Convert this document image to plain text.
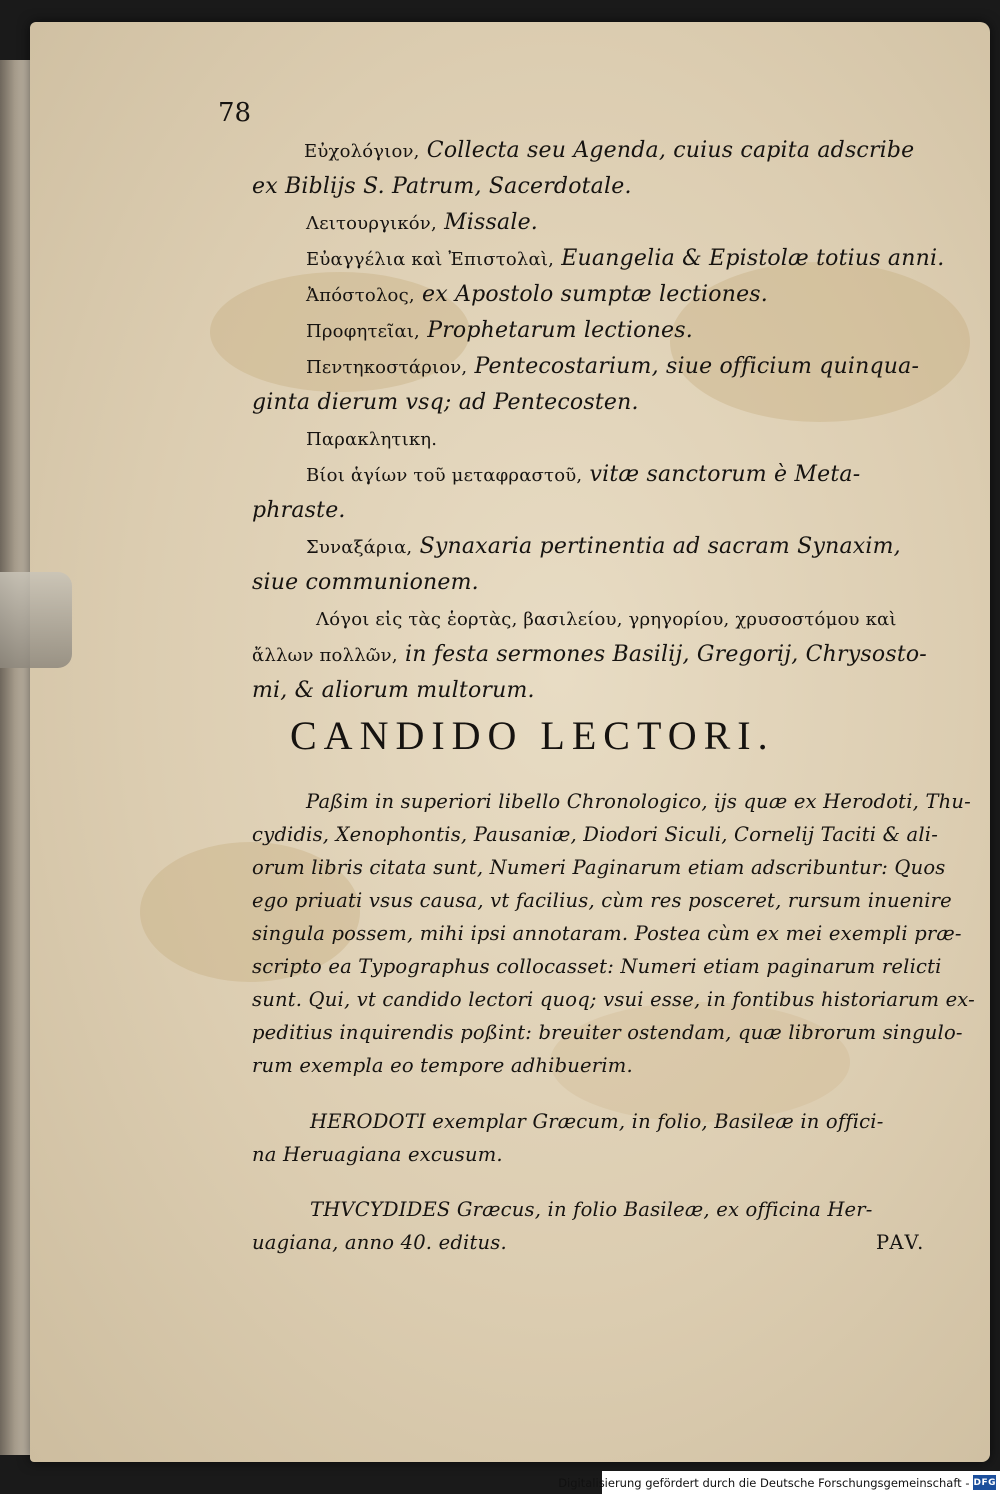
78
Εὐχολόγιον, Collecta seu Agenda, cuius capita adscribe
ex Biblijs S. Patrum, Sacerdotale.
Λειτουργικόν, Missale.
Εὐαγγέλια καὶ Ἐπιστολαὶ, Euangelia & Epistolæ totius anni.
Ἀπόστολος, ex Apostolo sumptæ lectiones.
Προφητεῖαι, Prophetarum lectiones.
Πεντηκοστάριον, Pentecostarium, siue officium quinqua-
ginta dierum vsq; ad Pentecosten.
Παρακλητικη.
Βίοι ἁγίων τοῦ μεταφραστοῦ, vitæ sanctorum è Meta-
phraste.
Συναξάρια, Synaxaria pertinentia ad sacram Synaxim,
siue communionem.
Λόγοι εἰς τὰς ἑορτὰς, βασιλείου, γρηγορίου, χρυσοστόμου καὶ
ἄλλων πολλῶν, in festa sermones Basilij, Gregorij, Chrysosto-
mi, & aliorum multorum.
CANDIDO LECTORI.
Paßim in superiori libello Chronologico, ijs quæ ex Herodoti, Thu-
cydidis, Xenophontis, Pausaniæ, Diodori Siculi, Cornelij Taciti & ali-
orum libris citata sunt, Numeri Paginarum etiam adscribuntur: Quos
ego priuati vsus causa, vt facilius, cùm res posceret, rursum inuenire
singula possem, mihi ipsi annotaram. Postea cùm ex mei exempli præ-
scripto ea Typographus collocasset: Numeri etiam paginarum relicti
sunt. Qui, vt candido lectori quoq; vsui esse, in fontibus historiarum ex-
peditius inquirendis poßint: breuiter ostendam, quæ librorum singulo-
rum exempla eo tempore adhibuerim.
HERODOTI exemplar Græcum, in folio, Basileæ in offici-
na Heruagiana excusum.
THVCYDIDES Græcus, in folio Basileæ, ex officina Her-
uagiana, anno 40. editus.	PAV.
Digitalisierung gefördert durch die Deutsche Forschungsgemeinschaft - DFG
